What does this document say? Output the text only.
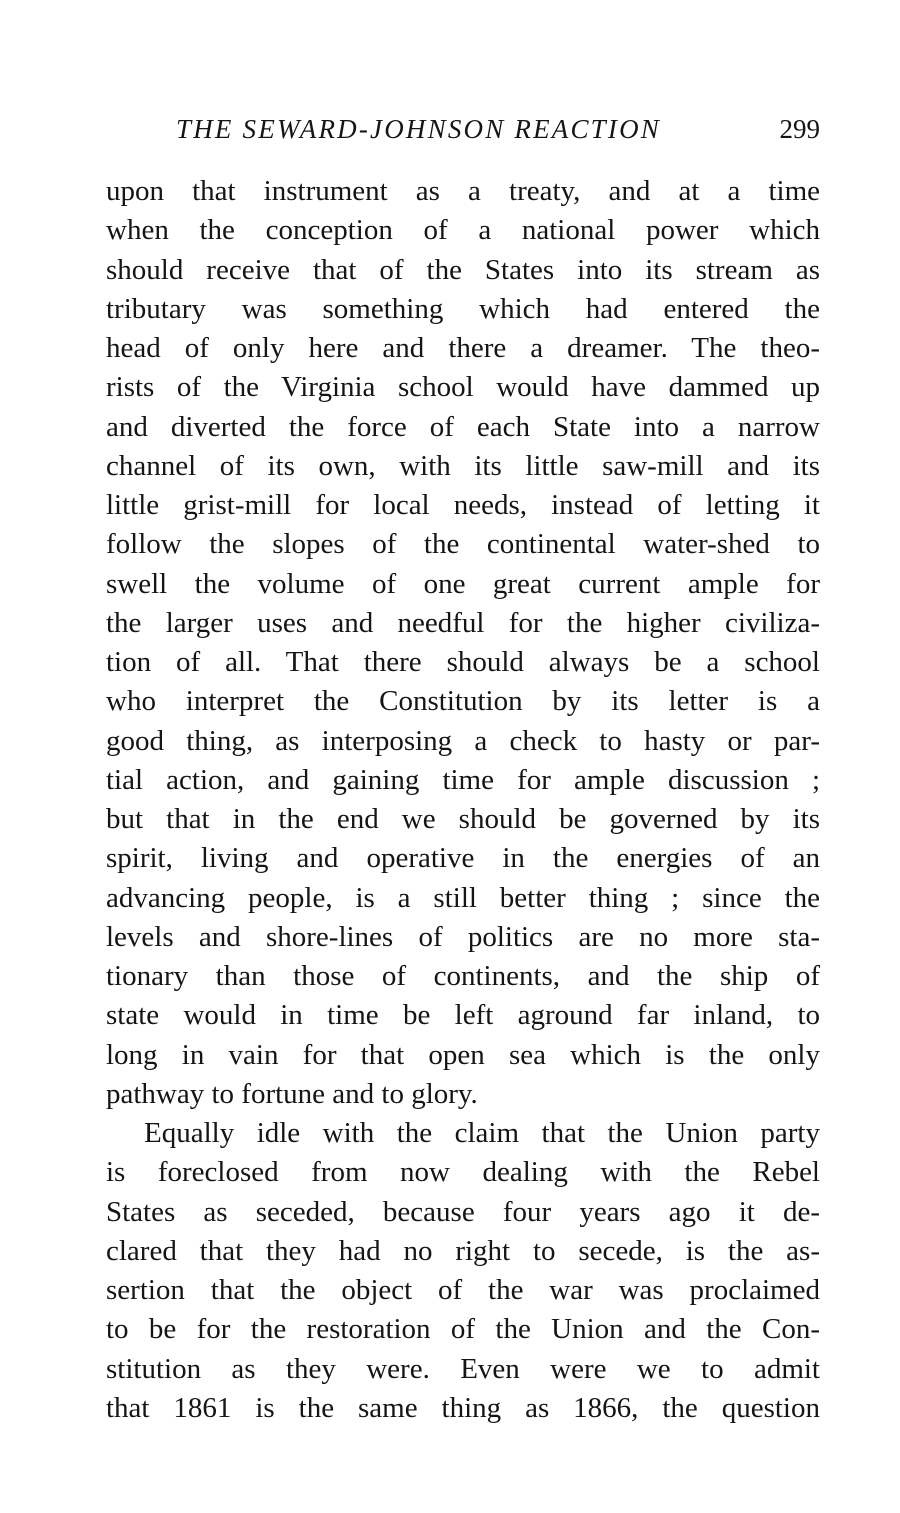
THE SEWARD-JOHNSON REACTION	299
upon that instrument as a treaty, and at a time
when the conception of a national power which
should receive that of the States into its stream as
tributary was something which had entered the
head of only here and there a dreamer. The theo-
rists of the Virginia school would have dammed up
and diverted the force of each State into a narrow
channel of its own, with its little saw-mill and its
little grist-mill for local needs, instead of letting it
follow the slopes of the continental water-shed to
swell the volume of one great current ample for
the larger uses and needful for the higher civiliza-
tion of all. That there should always be a school
who interpret the Constitution by its letter is a
good thing, as interposing a check to hasty or par-
tial action, and gaining time for ample discussion ;
but that in the end we should be governed by its
spirit, living and operative in the energies of an
advancing people, is a still better thing ; since the
levels and shore-lines of politics are no more sta-
tionary than those of continents, and the ship of
state would in time be left aground far inland, to
long in vain for that open sea which is the only
pathway to fortune and to glory.
Equally idle with the claim that the Union party
is foreclosed from now dealing with the Rebel
States as seceded, because four years ago it de-
clared that they had no right to secede, is the as-
sertion that the object of the war was proclaimed
to be for the restoration of the Union and the Con-
stitution as they were. Even were we to admit
that 1861 is the same thing as 1866, the question
